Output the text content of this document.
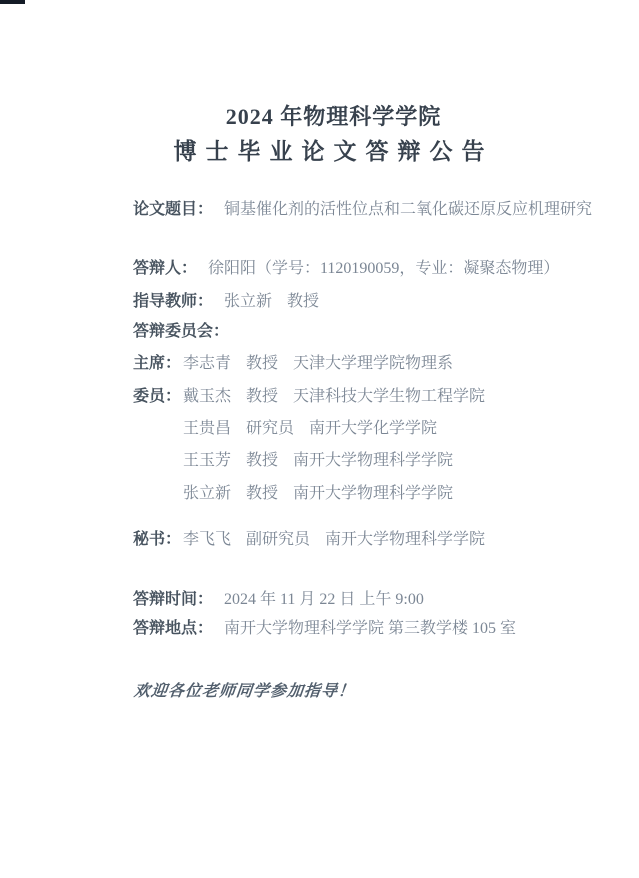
2024 年物理科学学院
博士毕业论文答辩公告
论文题目： 铜基催化剂的活性位点和二氧化碳还原反应机理研究
答辩人： 徐阳阳（学号：1120190059，专业：凝聚态物理）
指导教师： 张立新 教授
答辩委员会：
主席： 李志青 教授 天津大学理学院物理系
委员： 戴玉杰 教授 天津科技大学生物工程学院
王贵昌 研究员 南开大学化学学院
王玉芳 教授 南开大学物理科学学院
张立新 教授 南开大学物理科学学院
秘书： 李飞飞 副研究员 南开大学物理科学学院
答辩时间： 2024 年 11 月 22 日 上午 9:00
答辩地点： 南开大学物理科学学院 第三教学楼 105 室
欢迎各位老师同学参加指导！
